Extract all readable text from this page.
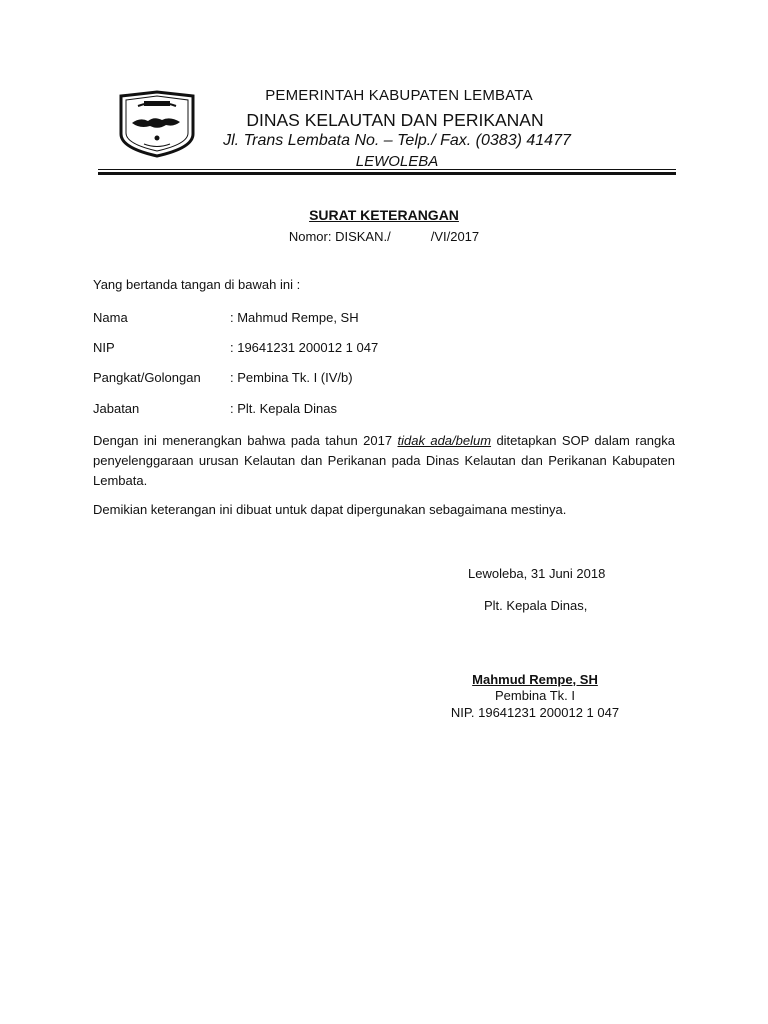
PEMERINTAH KABUPATEN LEMBATA
DINAS KELAUTAN DAN PERIKANAN
Jl. Trans Lembata No. – Telp./ Fax. (0383) 41477
LEWOLEBA
SURAT KETERANGAN
Nomor: DISKAN./	/VI/2017
Yang bertanda tangan di bawah ini :
Nama	: Mahmud Rempe, SH
NIP	: 19641231 200012 1 047
Pangkat/Golongan : Pembina Tk. I (IV/b)
Jabatan	: Plt. Kepala Dinas
Dengan ini menerangkan bahwa pada tahun 2017 tidak ada/belum ditetapkan SOP dalam rangka penyelenggaraan urusan Kelautan dan Perikanan pada Dinas Kelautan dan Perikanan Kabupaten Lembata.
Demikian keterangan ini dibuat untuk dapat dipergunakan sebagaimana mestinya.
Lewoleba, 31 Juni 2018
Plt. Kepala Dinas,
Mahmud Rempe, SH
Pembina Tk. I
NIP. 19641231 200012 1 047
